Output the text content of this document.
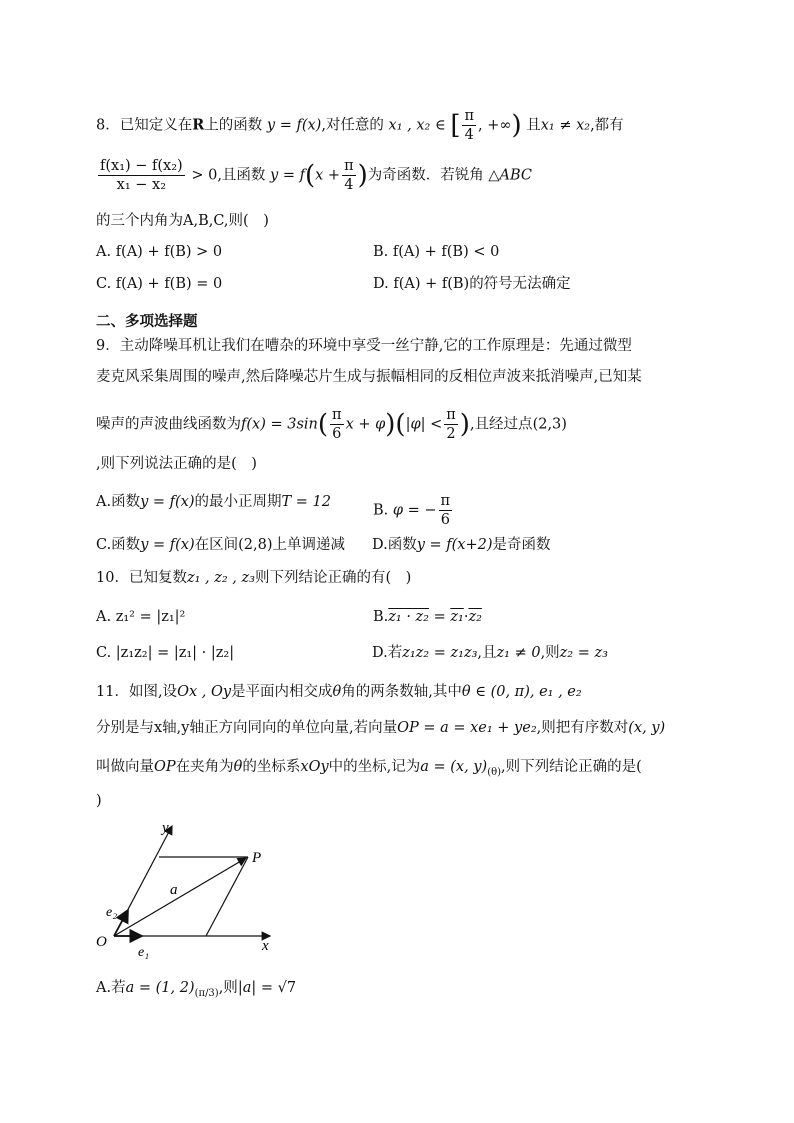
8．已知定义在R上的函数 y = f(x),对任意的 x₁ , x₂ ∈ [ $\frac{\pi}{4}$ , +∞) 且x₁ ≠ x₂,都有
$\frac{\text{f(x₁) − f(x₂)}}{\text{x₁ − x₂}} > 0$,且函数 $y = f(x + \frac{\pi}{4}$ )为奇函数．若锐角 △ABC
的三个内角为A,B,C,则(　)
A. f(A) + f(B) > 0	B. f(A) + f(B) < 0
C. f(A) + f(B) = 0	D. f(A) + f(B)的符号无法确定
二、多项选择题
9．主动降噪耳机让我们在嘈杂的环境中享受一丝宁静,它的工作原理是：先通过微型
麦克风采集周围的噪声,然后降噪芯片生成与振幅相同的反相位声波来抵消噪声,已知某
噪声的声波曲线函数为$f(x) = 3\sin( \frac{\pi}{6}$ $x + \varphi)(|\varphi| < \frac{\pi}{2}$ ),且经过点(2,3)
,则下列说法正确的是(　)
A.函数y = f(x)的最小正周期T = 12
B. φ = − $\frac{\pi}{6}$
C.函数y = f(x)在区间(2,8)上单调递减 D.函数y = f(x+2)是奇函数
10．已知复数z₁ , z₂ , z₃则下列结论正确的有(　)
A. z₁² = |z₁|²	B.z₁ · z₂ = z₁·z₂
C. |z₁z₂| = |z₁| · |z₂|	D.若z₁z₂ = z₁z₃,且z₁ ≠ 0,则z₂ = z₃
11．如图,设Ox , Oy是平面内相交成θ角的两条数轴,其中θ ∈ (0, π), e₁ , e₂
分别是与x轴,y轴正方向同向的单位向量,若向量OP = a = xe₁ + ye₂,则把有序数对(x, y)
叫做向量OP在夹角为θ的坐标系xOy中的坐标,记为a = (x, $y)_{(\theta)}$,则下列结论正确的是(
)
y
x
O
P
a
e₁
e₂
A.若a = (1, $2)_{(\pi/3)}$,则|a| = √7
